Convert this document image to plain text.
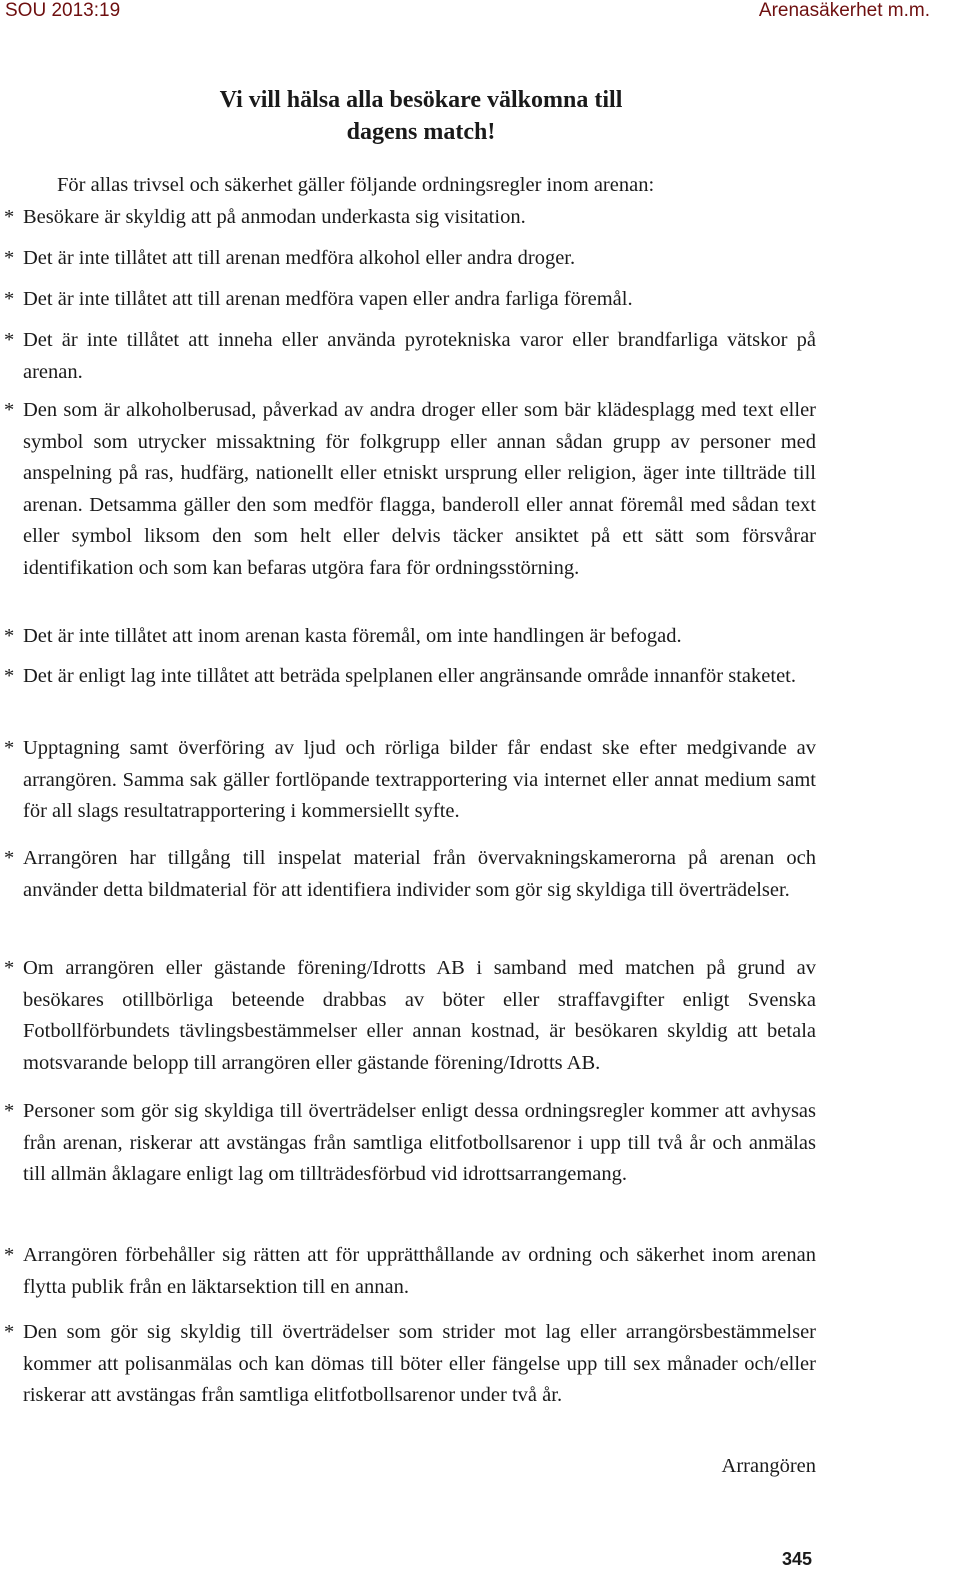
SOU 2013:19	Arenasäkerhet m.m.
Vi vill hälsa alla besökare välkomna till dagens match!
För allas trivsel och säkerhet gäller följande ordningsregler inom arenan:
* Besökare är skyldig att på anmodan underkasta sig visitation.
* Det är inte tillåtet att till arenan medföra alkohol eller andra droger.
* Det är inte tillåtet att till arenan medföra vapen eller andra farliga föremål.
* Det är inte tillåtet att inneha eller använda pyrotekniska varor eller brandfarliga vätskor på arenan.
* Den som är alkoholberusad, påverkad av andra droger eller som bär klädesplagg med text eller symbol som utrycker missaktning för folkgrupp eller annan sådan grupp av personer med anspelning på ras, hudfärg, nationellt eller etniskt ursprung eller religion, äger inte tillträde till arenan. Detsamma gäller den som medför flagga, banderoll eller annat föremål med sådan text eller symbol liksom den som helt eller delvis täcker ansiktet på ett sätt som försvårar identifikation och som kan befaras utgöra fara för ordningsstörning.
* Det är inte tillåtet att inom arenan kasta föremål, om inte handlingen är befogad.
* Det är enligt lag inte tillåtet att beträda spelplanen eller angränsande område innanför staketet.
* Upptagning samt överföring av ljud och rörliga bilder får endast ske efter medgivande av arrangören. Samma sak gäller fortlöpande textrapportering via internet eller annat medium samt för all slags resultatrapportering i kommersiellt syfte.
* Arrangören har tillgång till inspelat material från övervakningskamerorna på arenan och använder detta bildmaterial för att identifiera individer som gör sig skyldiga till överträdelser.
* Om arrangören eller gästande förening/Idrotts AB i samband med matchen på grund av besökares otillbörliga beteende drabbas av böter eller straffavgifter enligt Svenska Fotbollförbundets tävlingsbestämmelser eller annan kostnad, är besökaren skyldig att betala motsvarande belopp till arrangören eller gästande förening/Idrotts AB.
* Personer som gör sig skyldiga till överträdelser enligt dessa ordningsregler kommer att avhysas från arenan, riskerar att avstängas från samtliga elitfotbollsarenor i upp till två år och anmälas till allmän åklagare enligt lag om tillträdesförbud vid idrottsarrangemang.
* Arrangören förbehåller sig rätten att för upprätthållande av ordning och säkerhet inom arenan flytta publik från en läktarsektion till en annan.
* Den som gör sig skyldig till överträdelser som strider mot lag eller arrangörsbestämmelser kommer att polisanmälas och kan dömas till böter eller fängelse upp till sex månader och/eller riskerar att avstängas från samtliga elitfotbollsarenor under två år.
Arrangören
345
